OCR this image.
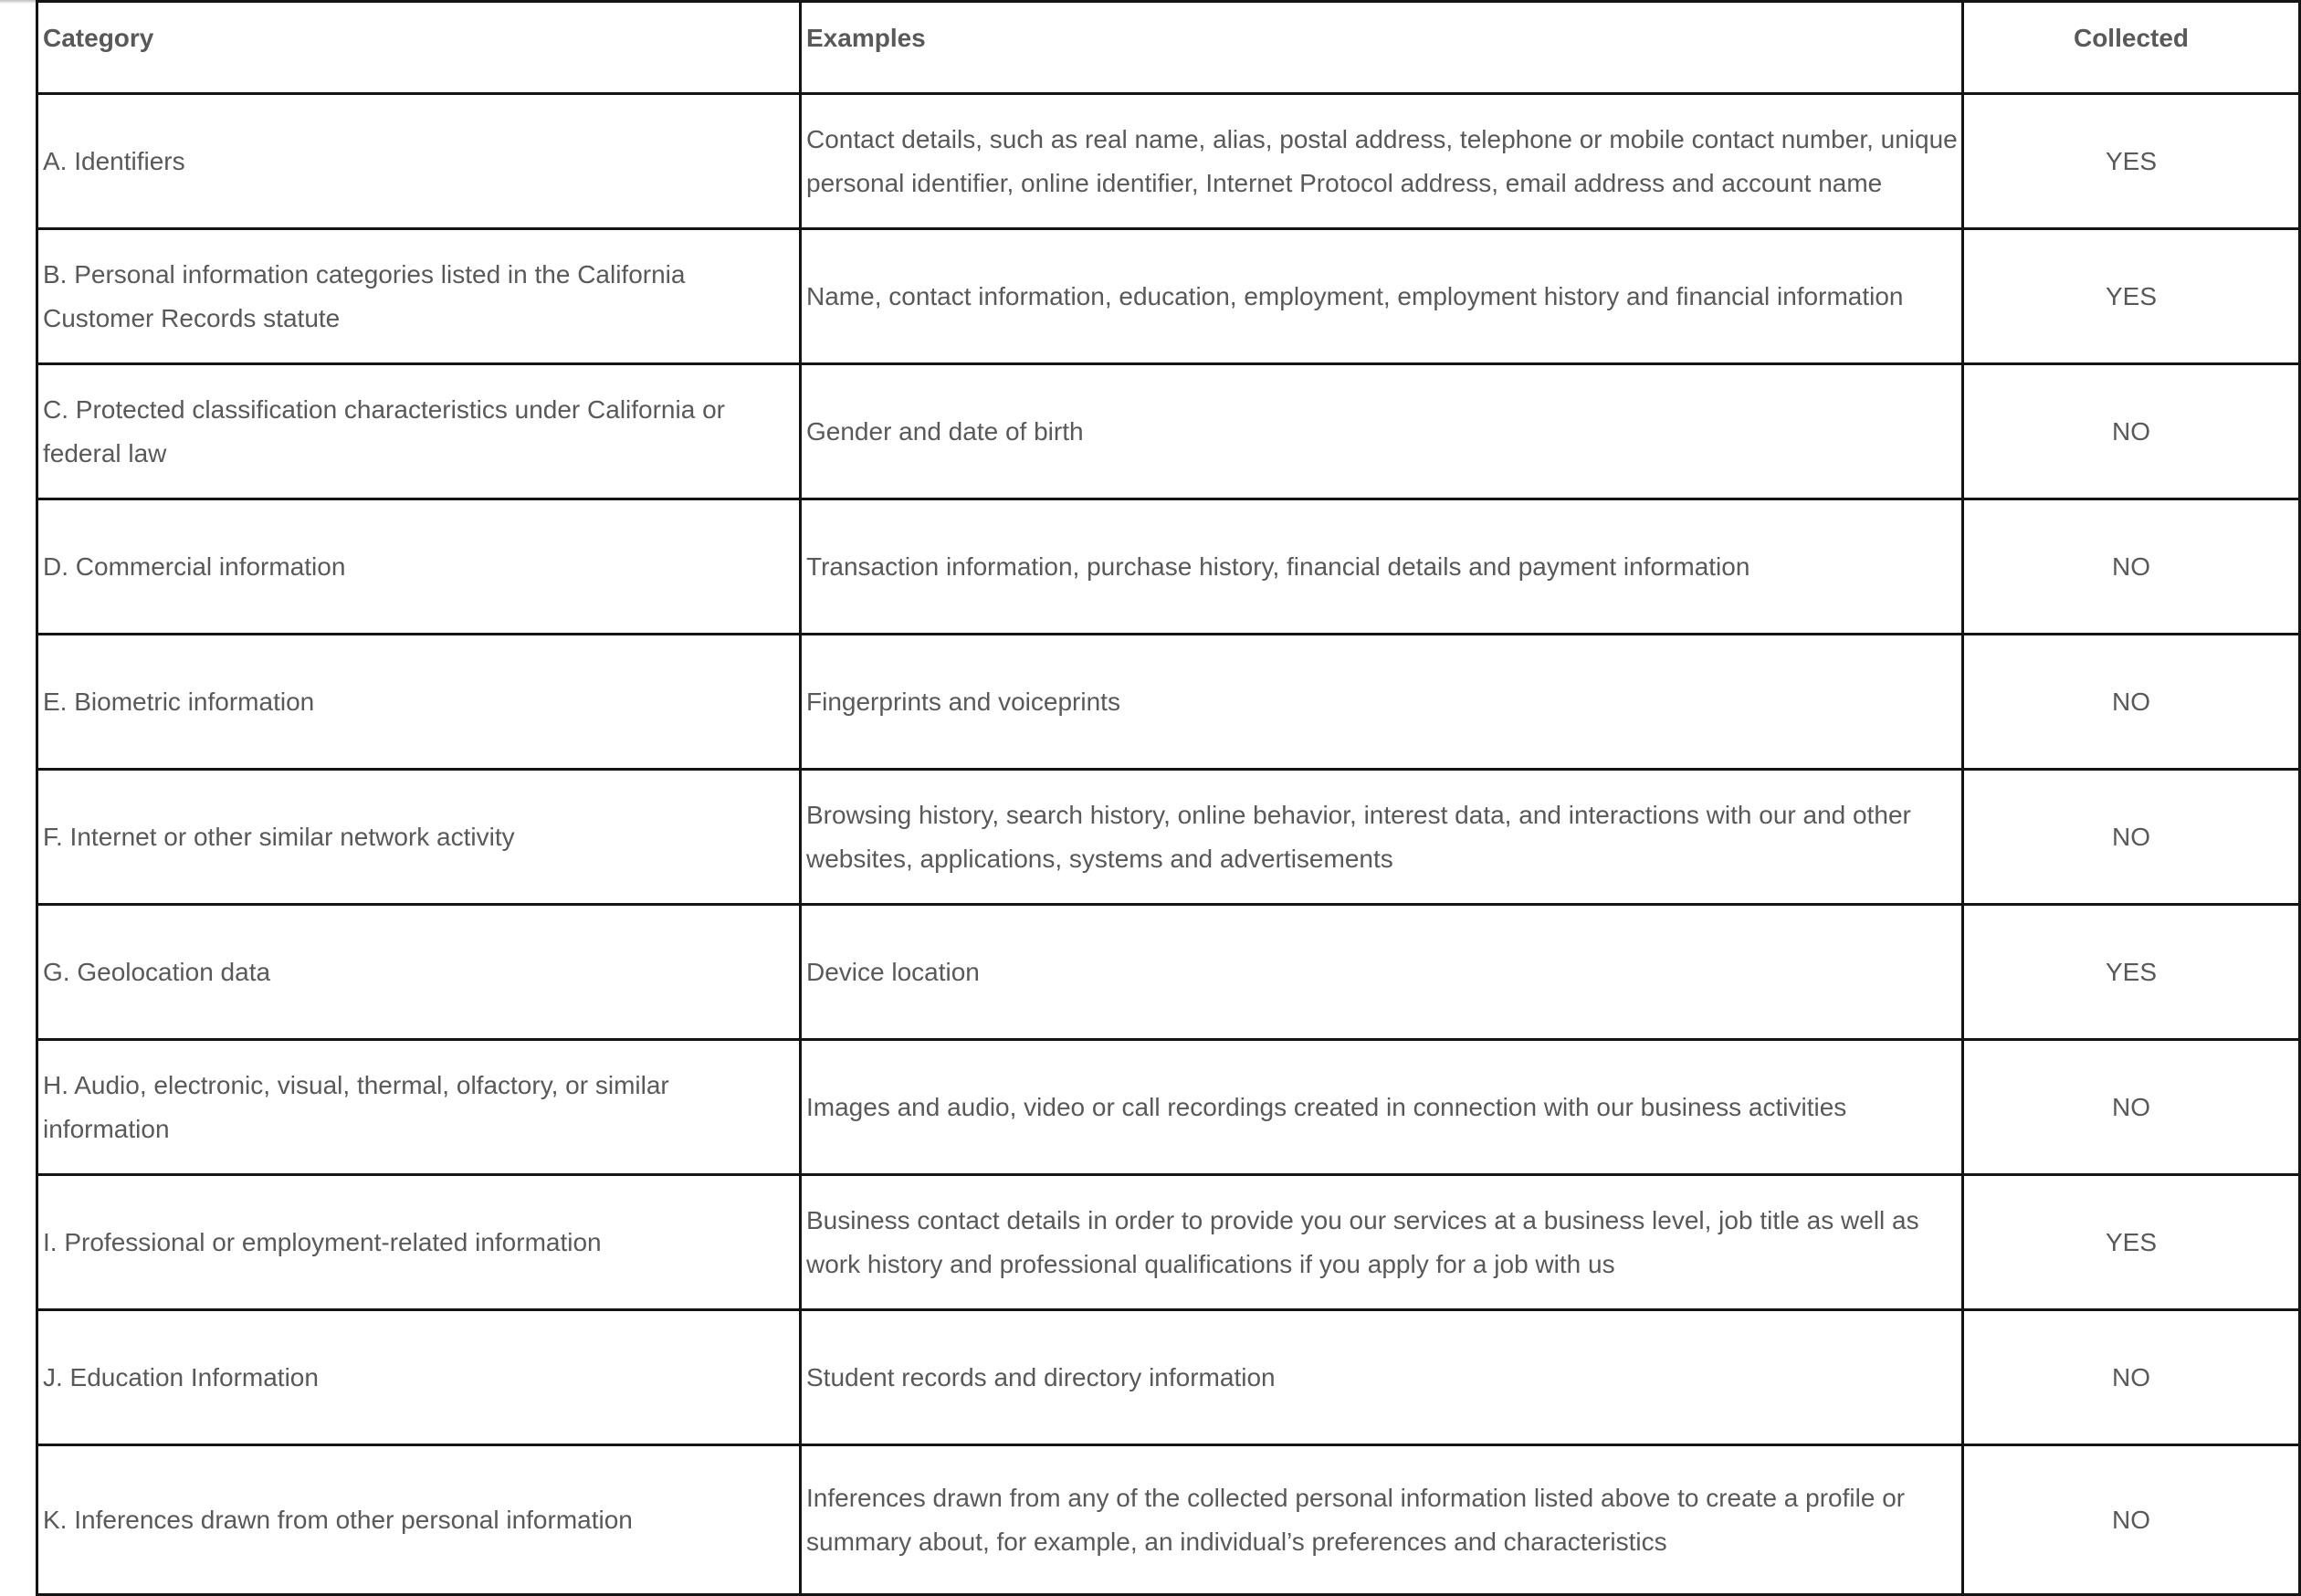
Category	Examples	Collected
A. Identifiers	Contact details, such as real name, alias, postal address, telephone or mobile contact number, unique personal identifier, online identifier, Internet Protocol address, email address and account name	YES
B. Personal information categories listed in the California Customer Records statute	Name, contact information, education, employment, employment history and financial information	YES
C. Protected classification characteristics under California or federal law	Gender and date of birth	NO
D. Commercial information	Transaction information, purchase history, financial details and payment information	NO
E. Biometric information	Fingerprints and voiceprints	NO
F. Internet or other similar network activity	Browsing history, search history, online behavior, interest data, and interactions with our and other websites, applications, systems and advertisements	NO
G. Geolocation data	Device location	YES
H. Audio, electronic, visual, thermal, olfactory, or similar information	Images and audio, video or call recordings created in connection with our business activities	NO
I. Professional or employment-related information	Business contact details in order to provide you our services at a business level, job title as well as work history and professional qualifications if you apply for a job with us	YES
J. Education Information	Student records and directory information	NO
K. Inferences drawn from other personal information	Inferences drawn from any of the collected personal information listed above to create a profile or summary about, for example, an individual’s preferences and characteristics	NO
